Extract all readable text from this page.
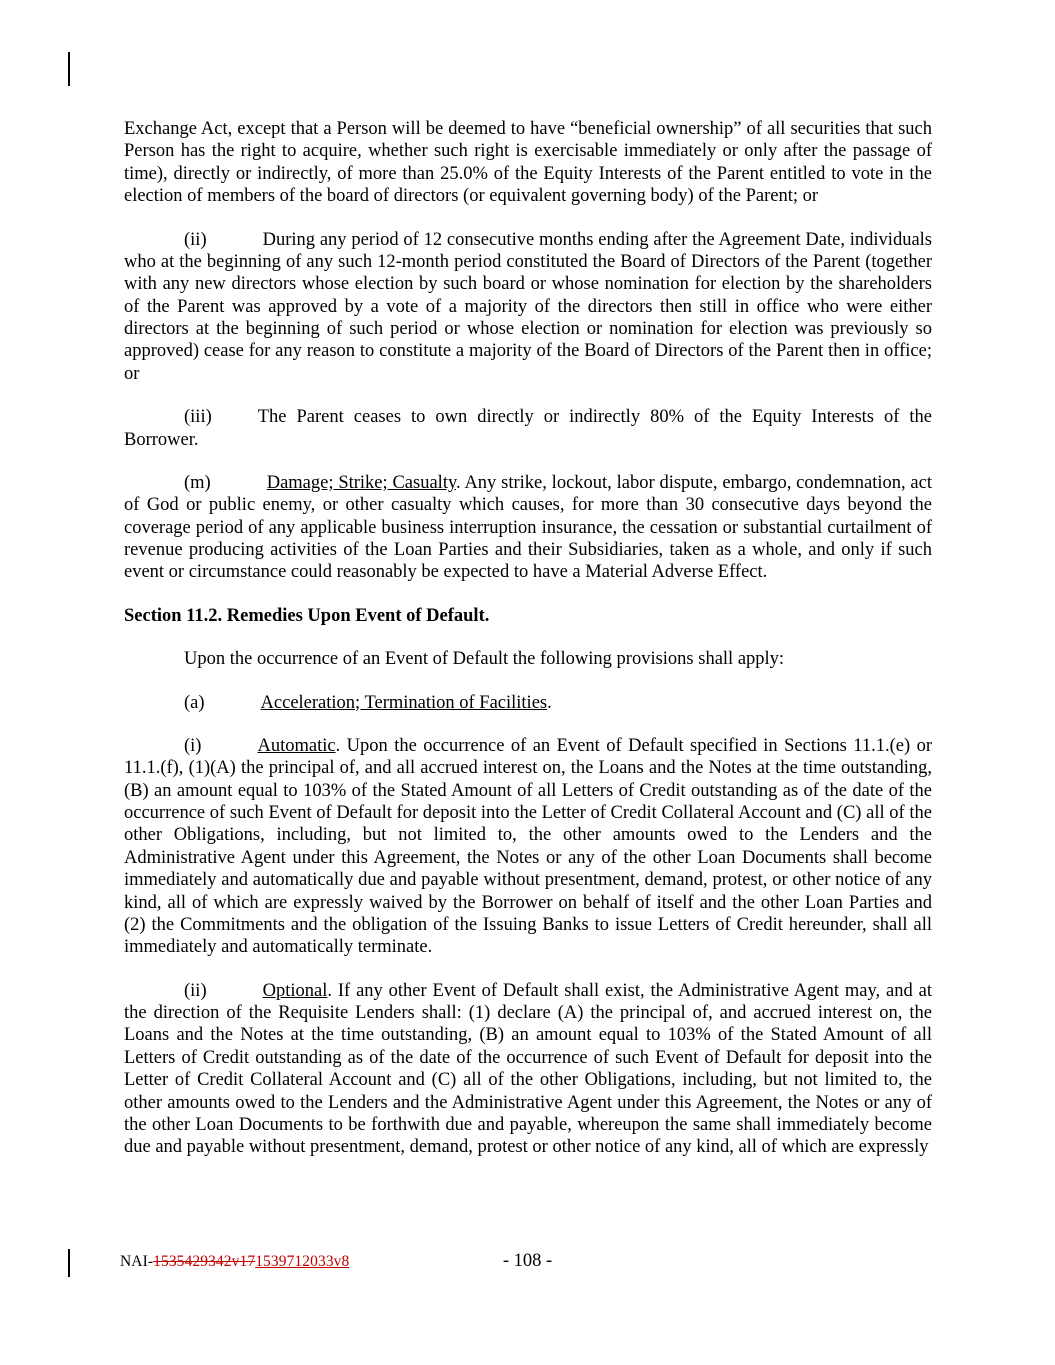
Exchange Act, except that a Person will be deemed to have “beneficial ownership” of all securities that such Person has the right to acquire, whether such right is exercisable immediately or only after the passage of time), directly or indirectly, of more than 25.0% of the Equity Interests of the Parent entitled to vote in the election of members of the board of directors (or equivalent governing body) of the Parent; or

(ii)	During any period of 12 consecutive months ending after the Agreement Date, individuals who at the beginning of any such 12-month period constituted the Board of Directors of the Parent (together with any new directors whose election by such board or whose nomination for election by the shareholders of the Parent was approved by a vote of a majority of the directors then still in office who were either directors at the beginning of such period or whose election or nomination for election was previously so approved) cease for any reason to constitute a majority of the Board of Directors of the Parent then in office; or

(iii) The Parent ceases to own directly or indirectly 80% of the Equity Interests of the Borrower.

(m)	Damage; Strike; Casualty. Any strike, lockout, labor dispute, embargo, condemnation, act of God or public enemy, or other casualty which causes, for more than 30 consecutive days beyond the coverage period of any applicable business interruption insurance, the cessation or substantial curtailment of revenue producing activities of the Loan Parties and their Subsidiaries, taken as a whole, and only if such event or circumstance could reasonably be expected to have a Material Adverse Effect.

Section 11.2. Remedies Upon Event of Default.

Upon the occurrence of an Event of Default the following provisions shall apply:

(a)	Acceleration; Termination of Facilities.

(i)	Automatic. Upon the occurrence of an Event of Default specified in Sections 11.1.(e) or 11.1.(f), (1)(A) the principal of, and all accrued interest on, the Loans and the Notes at the time outstanding, (B) an amount equal to 103% of the Stated Amount of all Letters of Credit outstanding as of the date of the occurrence of such Event of Default for deposit into the Letter of Credit Collateral Account and (C) all of the other Obligations, including, but not limited to, the other amounts owed to the Lenders and the Administrative Agent under this Agreement, the Notes or any of the other Loan Documents shall become immediately and automatically due and payable without presentment, demand, protest, or other notice of any kind, all of which are expressly waived by the Borrower on behalf of itself and the other Loan Parties and (2) the Commitments and the obligation of the Issuing Banks to issue Letters of Credit hereunder, shall all immediately and automatically terminate.

(ii)	Optional. If any other Event of Default shall exist, the Administrative Agent may, and at the direction of the Requisite Lenders shall: (1) declare (A) the principal of, and accrued interest on, the Loans and the Notes at the time outstanding, (B) an amount equal to 103% of the Stated Amount of all Letters of Credit outstanding as of the date of the occurrence of such Event of Default for deposit into the Letter of Credit Collateral Account and (C) all of the other Obligations, including, but not limited to, the other amounts owed to the Lenders and the Administrative Agent under this Agreement, the Notes or any of the other Loan Documents to be forthwith due and payable, whereupon the same shall immediately become due and payable without presentment, demand, protest or other notice of any kind, all of which are expressly

NAI-1535429342v171539712033v8	- 108 -
